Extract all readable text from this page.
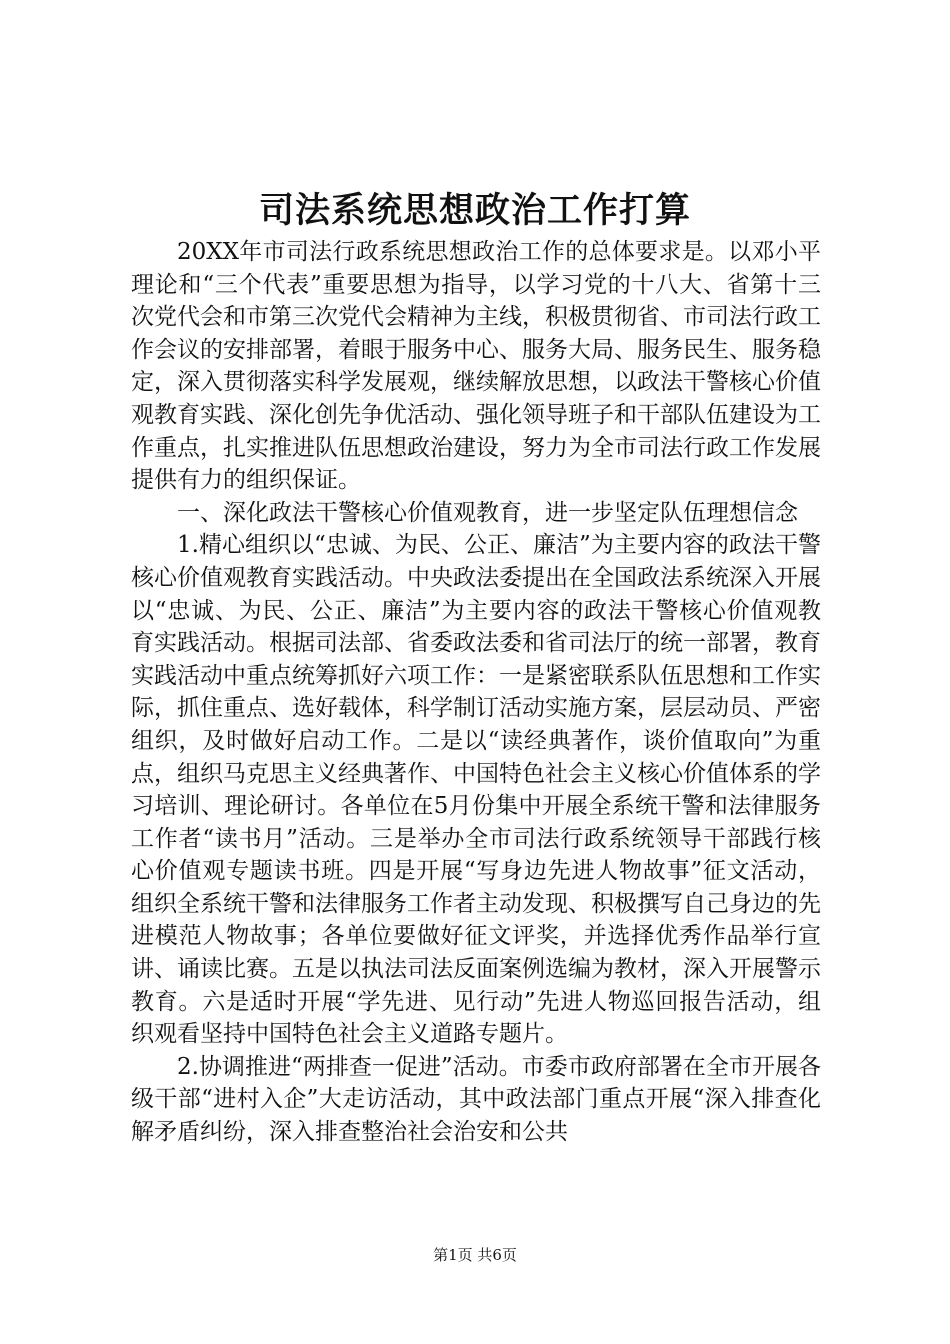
司法系统思想政治工作打算

20XX年市司法行政系统思想政治工作的总体要求是。以邓小平理论和“三个代表”重要思想为指导，以学习党的十八大、省第十三次党代会和市第三次党代会精神为主线，积极贯彻省、市司法行政工作会议的安排部署，着眼于服务中心、服务大局、服务民生、服务稳定，深入贯彻落实科学发展观，继续解放思想，以政法干警核心价值观教育实践、深化创先争优活动、强化领导班子和干部队伍建设为工作重点，扎实推进队伍思想政治建设，努力为全市司法行政工作发展提供有力的组织保证。

一、深化政法干警核心价值观教育，进一步坚定队伍理想信念

1.精心组织以“忠诚、为民、公正、廉洁”为主要内容的政法干警核心价值观教育实践活动。中央政法委提出在全国政法系统深入开展以“忠诚、为民、公正、廉洁”为主要内容的政法干警核心价值观教育实践活动。根据司法部、省委政法委和省司法厅的统一部署，教育实践活动中重点统筹抓好六项工作：一是紧密联系队伍思想和工作实际，抓住重点、选好载体，科学制订活动实施方案，层层动员、严密组织，及时做好启动工作。二是以“读经典著作，谈价值取向”为重点，组织马克思主义经典著作、中国特色社会主义核心价值体系的学习培训、理论研讨。各单位在5月份集中开展全系统干警和法律服务工作者“读书月”活动。三是举办全市司法行政系统领导干部践行核心价值观专题读书班。四是开展“写身边先进人物故事”征文活动，组织全系统干警和法律服务工作者主动发现、积极撰写自己身边的先进模范人物故事；各单位要做好征文评奖，并选择优秀作品举行宣讲、诵读比赛。五是以执法司法反面案例选编为教材，深入开展警示教育。六是适时开展“学先进、见行动”先进人物巡回报告活动，组织观看坚持中国特色社会主义道路专题片。

2.协调推进“两排查一促进”活动。市委市政府部署在全市开展各级干部“进村入企”大走访活动，其中政法部门重点开展“深入排查化解矛盾纠纷，深入排查整治社会治安和公共

第1页 共6页
